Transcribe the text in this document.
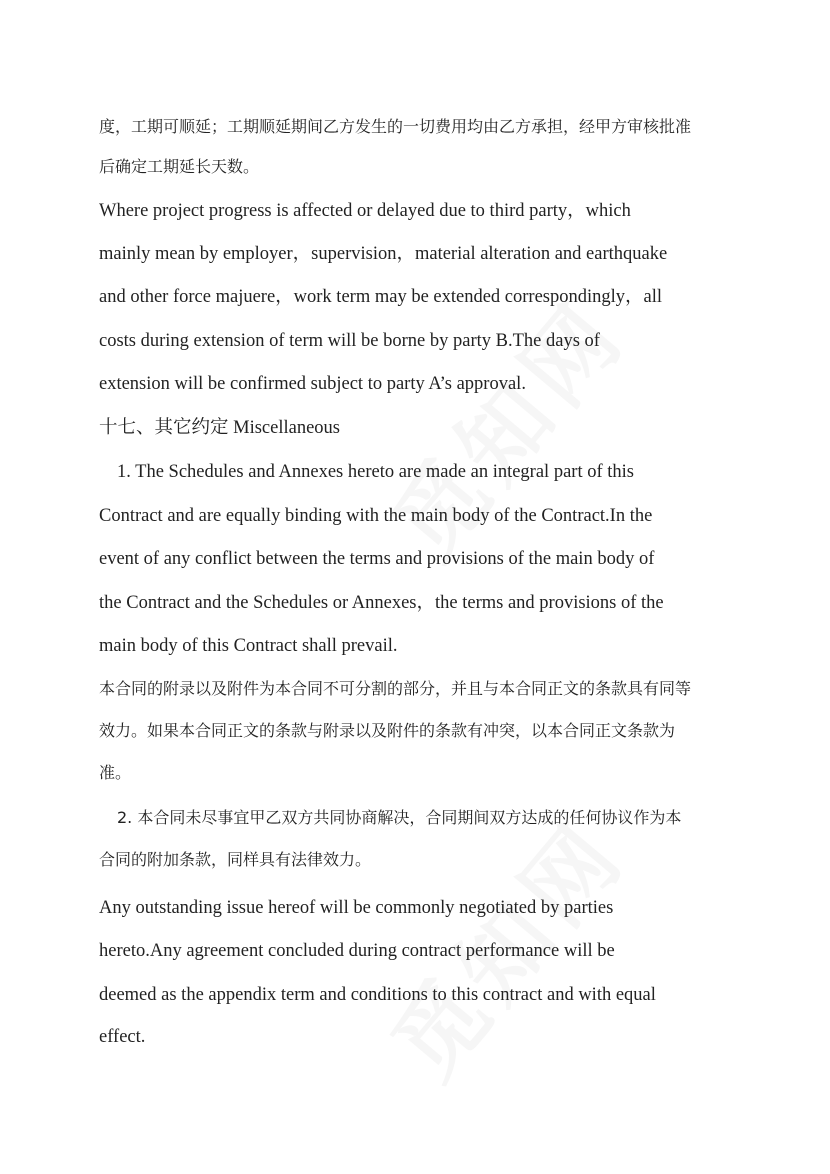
度，工期可顺延；工期顺延期间乙方发生的一切费用均由乙方承担，经甲方审核批准
后确定工期延长天数。
Where project progress is affected or delayed due to third party，which
mainly mean by employer，supervision，material alteration and earthquake
and other force majuere，work term may be extended correspondingly，all
costs during extension of term will be borne by party B.The days of
extension will be confirmed subject to party A’s approval.
十七、其它约定 Miscellaneous
1. The Schedules and Annexes hereto are made an integral part of this
Contract and are equally binding with the main body of the Contract.In the
event of any conflict between the terms and provisions of the main body of
the Contract and the Schedules or Annexes，the terms and provisions of the
main body of this Contract shall prevail.
本合同的附录以及附件为本合同不可分割的部分，并且与本合同正文的条款具有同等
效力。如果本合同正文的条款与附录以及附件的条款有冲突，以本合同正文条款为
准。
2. 本合同未尽事宜甲乙双方共同协商解决，合同期间双方达成的任何协议作为本
合同的附加条款，同样具有法律效力。
Any outstanding issue hereof will be commonly negotiated by parties
hereto.Any agreement concluded during contract performance will be
deemed as the appendix term and conditions to this contract and with equal
effect.
